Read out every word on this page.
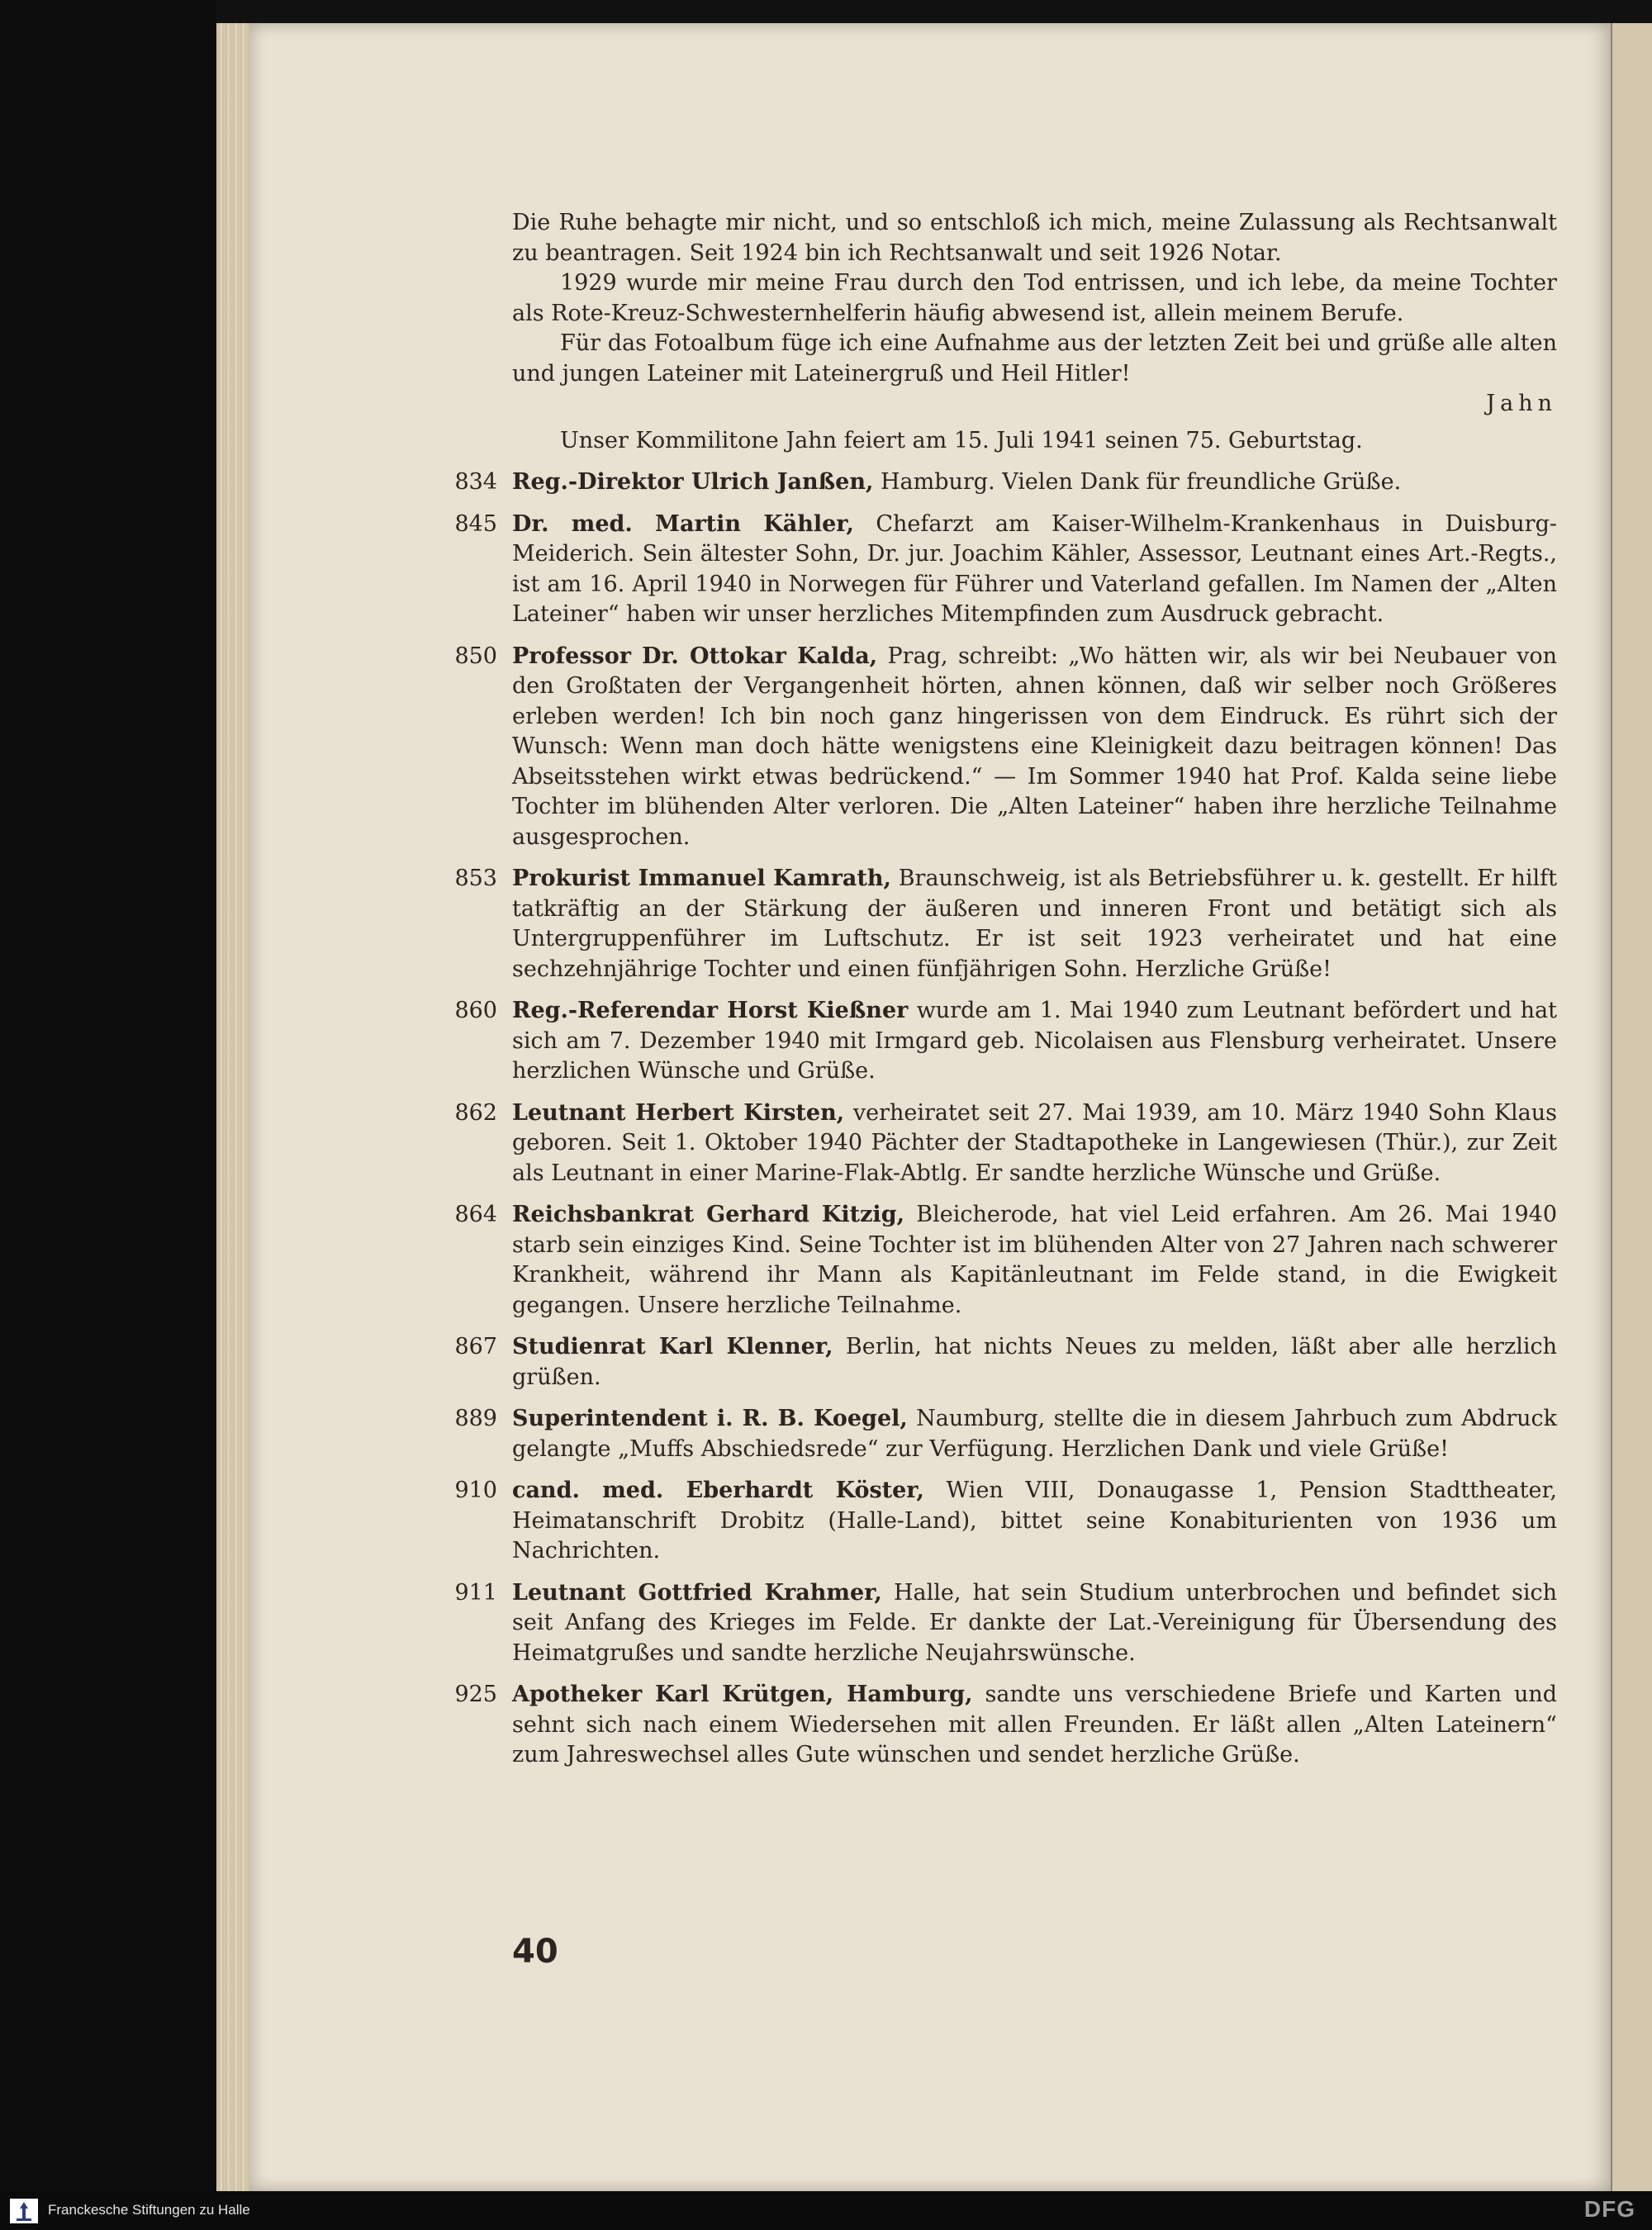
Die Ruhe behagte mir nicht, und so entschloß ich mich, meine Zulassung als Rechtsanwalt zu beantragen. Seit 1924 bin ich Rechtsanwalt und seit 1926 Notar.

1929 wurde mir meine Frau durch den Tod entrissen, und ich lebe, da meine Tochter als Rote-Kreuz-Schwesternhelferin häufig abwesend ist, allein meinem Berufe.

Für das Fotoalbum füge ich eine Aufnahme aus der letzten Zeit bei und grüße alle alten und jungen Lateiner mit Lateinergruß und Heil Hitler!

Jahn

Unser Kommilitone Jahn feiert am 15. Juli 1941 seinen 75. Geburtstag.

834 Reg.-Direktor Ulrich Janßen, Hamburg. Vielen Dank für freundliche Grüße.

845 Dr. med. Martin Kähler, Chefarzt am Kaiser-Wilhelm-Krankenhaus in Duisburg-Meiderich. Sein ältester Sohn, Dr. jur. Joachim Kähler, Assessor, Leutnant eines Art.-Regts., ist am 16. April 1940 in Norwegen für Führer und Vaterland gefallen. Im Namen der „Alten Lateiner“ haben wir unser herzliches Mitempfinden zum Ausdruck gebracht.

850 Professor Dr. Ottokar Kalda, Prag, schreibt: „Wo hätten wir, als wir bei Neubauer von den Großtaten der Vergangenheit hörten, ahnen können, daß wir selber noch Größeres erleben werden! Ich bin noch ganz hingerissen von dem Eindruck. Es rührt sich der Wunsch: Wenn man doch hätte wenigstens eine Kleinigkeit dazu beitragen können! Das Abseitsstehen wirkt etwas bedrückend.“ — Im Sommer 1940 hat Prof. Kalda seine liebe Tochter im blühenden Alter verloren. Die „Alten Lateiner“ haben ihre herzliche Teilnahme ausgesprochen.

853 Prokurist Immanuel Kamrath, Braunschweig, ist als Betriebsführer u. k. gestellt. Er hilft tatkräftig an der Stärkung der äußeren und inneren Front und betätigt sich als Untergruppenführer im Luftschutz. Er ist seit 1923 verheiratet und hat eine sechzehnjährige Tochter und einen fünfjährigen Sohn. Herzliche Grüße!

860 Reg.-Referendar Horst Kießner wurde am 1. Mai 1940 zum Leutnant befördert und hat sich am 7. Dezember 1940 mit Irmgard geb. Nicolaisen aus Flensburg verheiratet. Unsere herzlichen Wünsche und Grüße.

862 Leutnant Herbert Kirsten, verheiratet seit 27. Mai 1939, am 10. März 1940 Sohn Klaus geboren. Seit 1. Oktober 1940 Pächter der Stadtapotheke in Langewiesen (Thür.), zur Zeit als Leutnant in einer Marine-Flak-Abtlg. Er sandte herzliche Wünsche und Grüße.

864 Reichsbankrat Gerhard Kitzig, Bleicherode, hat viel Leid erfahren. Am 26. Mai 1940 starb sein einziges Kind. Seine Tochter ist im blühenden Alter von 27 Jahren nach schwerer Krankheit, während ihr Mann als Kapitänleutnant im Felde stand, in die Ewigkeit gegangen. Unsere herzliche Teilnahme.

867 Studienrat Karl Klenner, Berlin, hat nichts Neues zu melden, läßt aber alle herzlich grüßen.

889 Superintendent i. R. B. Koegel, Naumburg, stellte die in diesem Jahrbuch zum Abdruck gelangte „Muffs Abschiedsrede“ zur Verfügung. Herzlichen Dank und viele Grüße!

910 cand. med. Eberhardt Köster, Wien VIII, Donaugasse 1, Pension Stadttheater, Heimatanschrift Drobitz (Halle-Land), bittet seine Konabiturienten von 1936 um Nachrichten.

911 Leutnant Gottfried Krahmer, Halle, hat sein Studium unterbrochen und befindet sich seit Anfang des Krieges im Felde. Er dankte der Lat.-Vereinigung für Übersendung des Heimatgrußes und sandte herzliche Neujahrswünsche.

925 Apotheker Karl Krütgen, Hamburg, sandte uns verschiedene Briefe und Karten und sehnt sich nach einem Wiedersehen mit allen Freunden. Er läßt allen „Alten Lateinern“ zum Jahreswechsel alles Gute wünschen und sendet herzliche Grüße.

40
Franckesche Stiftungen zu Halle	DFG
